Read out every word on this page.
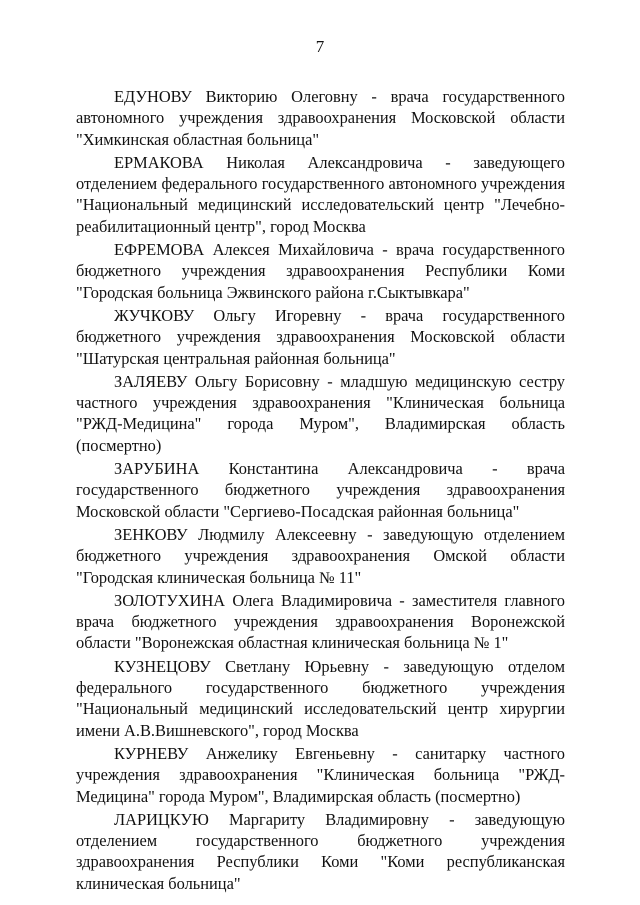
7

ЕДУНОВУ Викторию Олеговну - врача государственного автономного учреждения здравоохранения Московской области "Химкинская областная больница"

ЕРМАКОВА Николая Александровича - заведующего отделением федерального государственного автономного учреждения "Национальный медицинский исследовательский центр "Лечебно-реабилитационный центр", город Москва

ЕФРЕМОВА Алексея Михайловича - врача государственного бюджетного учреждения здравоохранения Республики Коми "Городская больница Эжвинского района г.Сыктывкара"

ЖУЧКОВУ Ольгу Игоревну - врача государственного бюджетного учреждения здравоохранения Московской области "Шатурская центральная районная больница"

ЗАЛЯЕВУ Ольгу Борисовну - младшую медицинскую сестру частного учреждения здравоохранения "Клиническая больница "РЖД-Медицина" города Муром", Владимирская область (посмертно)

ЗАРУБИНА Константина Александровича - врача государственного бюджетного учреждения здравоохранения Московской области "Сергиево-Посадская районная больница"

ЗЕНКОВУ Людмилу Алексеевну - заведующую отделением бюджетного учреждения здравоохранения Омской области "Городская клиническая больница № 11"

ЗОЛОТУХИНА Олега Владимировича - заместителя главного врача бюджетного учреждения здравоохранения Воронежской области "Воронежская областная клиническая больница № 1"

КУЗНЕЦОВУ Светлану Юрьевну - заведующую отделом федерального государственного бюджетного учреждения "Национальный медицинский исследовательский центр хирургии имени А.В.Вишневского", город Москва

КУРНЕВУ Анжелику Евгеньевну - санитарку частного учреждения здравоохранения "Клиническая больница "РЖД-Медицина" города Муром", Владимирская область (посмертно)

ЛАРИЦКУЮ Маргариту Владимировну - заведующую отделением государственного бюджетного учреждения здравоохранения Республики Коми "Коми республиканская клиническая больница"
